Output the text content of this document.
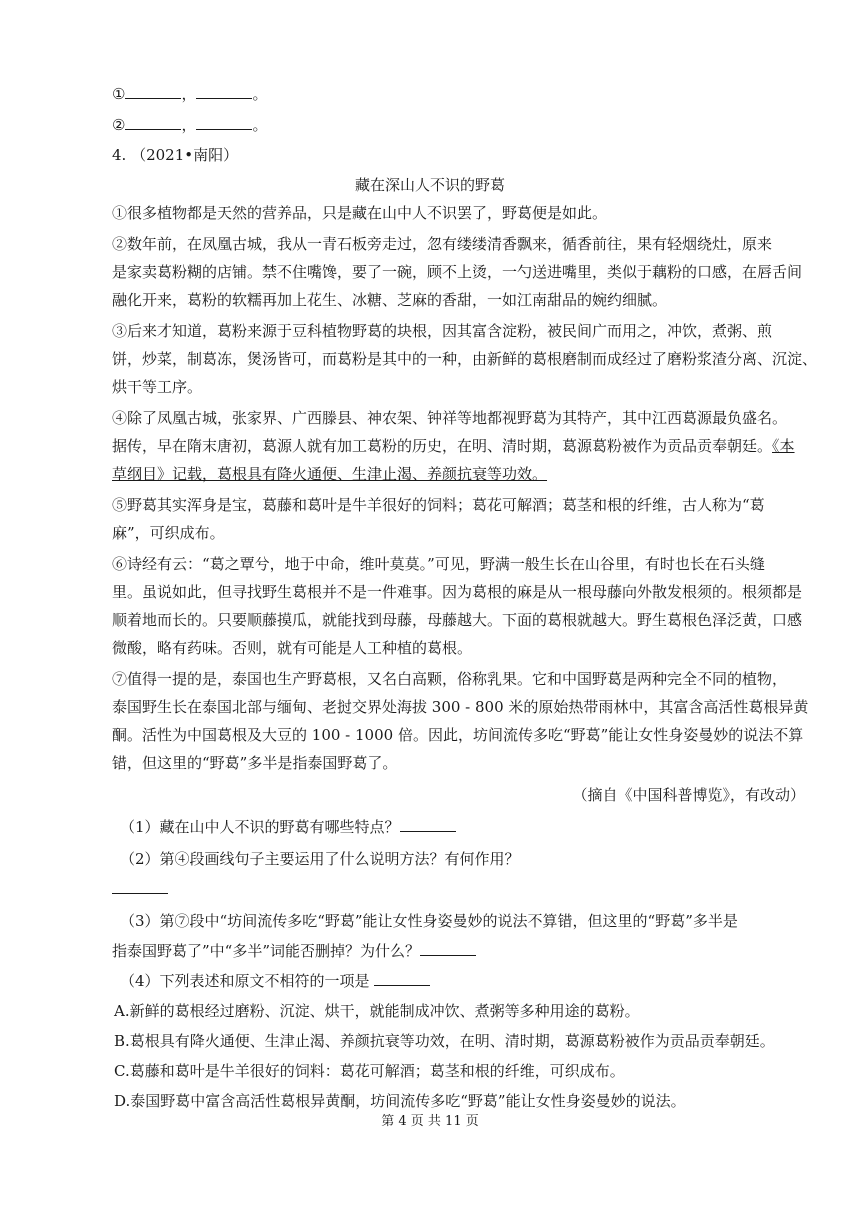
①	，	。
②	，	。
4. （2021•南阳）
藏在深山人不识的野葛
①很多植物都是天然的营养品，只是藏在山中人不识罢了，野葛便是如此。
②数年前，在凤凰古城，我从一青石板旁走过，忽有缕缕清香飘来，循香前往，果有轻烟绕灶，原来
是家卖葛粉糊的店铺。禁不住嘴馋，要了一碗，顾不上烫，一勺送进嘴里，类似于藕粉的口感，在唇舌间
融化开来，葛粉的软糯再加上花生、冰糖、芝麻的香甜，一如江南甜品的婉约细腻。
③后来才知道，葛粉来源于豆科植物野葛的块根，因其富含淀粉，被民间广而用之，冲饮，煮粥、煎
饼，炒菜，制葛冻，煲汤皆可，而葛粉是其中的一种，由新鲜的葛根磨制而成经过了磨粉浆渣分离、沉淀、
烘干等工序。
④除了凤凰古城，张家界、广西滕县、神农架、钟祥等地都视野葛为其特产，其中江西葛源最负盛名。
据传，早在隋末唐初，葛源人就有加工葛粉的历史，在明、清时期，葛源葛粉被作为贡品贡奉朝廷。《本
草纲目》记载，葛根具有降火通便、生津止渴、养颜抗衰等功效。
⑤野葛其实浑身是宝，葛藤和葛叶是牛羊很好的饲料；葛花可解酒；葛茎和根的纤维，古人称为“葛
麻”，可织成布。
⑥诗经有云：“葛之覃兮，地于中命，维叶莫莫。”可见，野满一般生长在山谷里，有时也长在石头缝
里。虽说如此，但寻找野生葛根并不是一件难事。因为葛根的麻是从一根母藤向外散发根须的。根须都是
顺着地而长的。只要顺藤摸瓜，就能找到母藤，母藤越大。下面的葛根就越大。野生葛根色泽泛黄，口感
微酸，略有药味。否则，就有可能是人工种植的葛根。
⑦值得一提的是，泰国也生产野葛根，又名白高颗，俗称乳果。它和中国野葛是两种完全不同的植物，
泰国野生长在泰国北部与缅甸、老挝交界处海拔 300 - 800 米的原始热带雨林中，其富含高活性葛根异黄
酮。活性为中国葛根及大豆的 100 - 1000 倍。因此，坊间流传多吃“野葛”能让女性身姿曼妙的说法不算
错，但这里的“野葛”多半是指泰国野葛了。
（摘自《中国科普博览》，有改动）
（1）藏在山中人不识的野葛有哪些特点？
（2）第④段画线句子主要运用了什么说明方法？有何作用？
（3）第⑦段中“坊间流传多吃“野葛”能让女性身姿曼妙的说法不算错，但这里的“野葛”多半是
指泰国野葛了”中“多半”词能否删掉？为什么？
（4）下列表述和原文不相符的一项是
A.新鲜的葛根经过磨粉、沉淀、烘干，就能制成冲饮、煮粥等多种用途的葛粉。
B.葛根具有降火通便、生津止渴、养颜抗衰等功效，在明、清时期，葛源葛粉被作为贡品贡奉朝廷。
C.葛藤和葛叶是牛羊很好的饲料：葛花可解酒；葛茎和根的纤维，可织成布。
D.泰国野葛中富含高活性葛根异黄酮，坊间流传多吃“野葛”能让女性身姿曼妙的说法。
第 4 页 共 11 页
